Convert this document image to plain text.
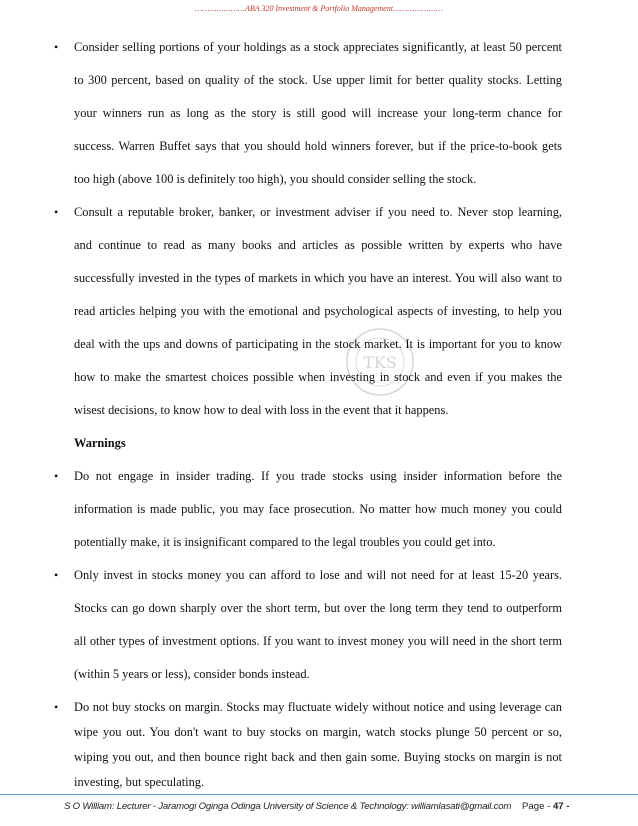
…………………ABA 320 Investment & Portfolio Management…………………
TKS
• Consider selling portions of your holdings as a stock appreciates significantly, at least 50 percent
to 300 percent, based on quality of the stock. Use upper limit for better quality stocks. Letting
your winners run as long as the story is still good will increase your long-term chance for
success. Warren Buffet says that you should hold winners forever, but if the price-to-book gets
too high (above 100 is definitely too high), you should consider selling the stock.
• Consult a reputable broker, banker, or investment adviser if you need to. Never stop learning,
and continue to read as many books and articles as possible written by experts who have
successfully invested in the types of markets in which you have an interest. You will also want to
read articles helping you with the emotional and psychological aspects of investing, to help you
deal with the ups and downs of participating in the stock market. It is important for you to know
how to make the smartest choices possible when investing in stock and even if you makes the
wisest decisions, to know how to deal with loss in the event that it happens.
Warnings
• Do not engage in insider trading. If you trade stocks using insider information before the
information is made public, you may face prosecution. No matter how much money you could
potentially make, it is insignificant compared to the legal troubles you could get into.
• Only invest in stocks money you can afford to lose and will not need for at least 15-20 years.
Stocks can go down sharply over the short term, but over the long term they tend to outperform
all other types of investment options. If you want to invest money you will need in the short term
(within 5 years or less), consider bonds instead.
• Do not buy stocks on margin. Stocks may fluctuate widely without notice and using leverage can
wipe you out. You don't want to buy stocks on margin, watch stocks plunge 50 percent or so,
wiping you out, and then bounce right back and then gain some. Buying stocks on margin is not
investing, but speculating.
S O William: Lecturer - Jaramogi Oginga Odinga University of Science & Technology: williamlasati@gmail.com Page - 47 -
